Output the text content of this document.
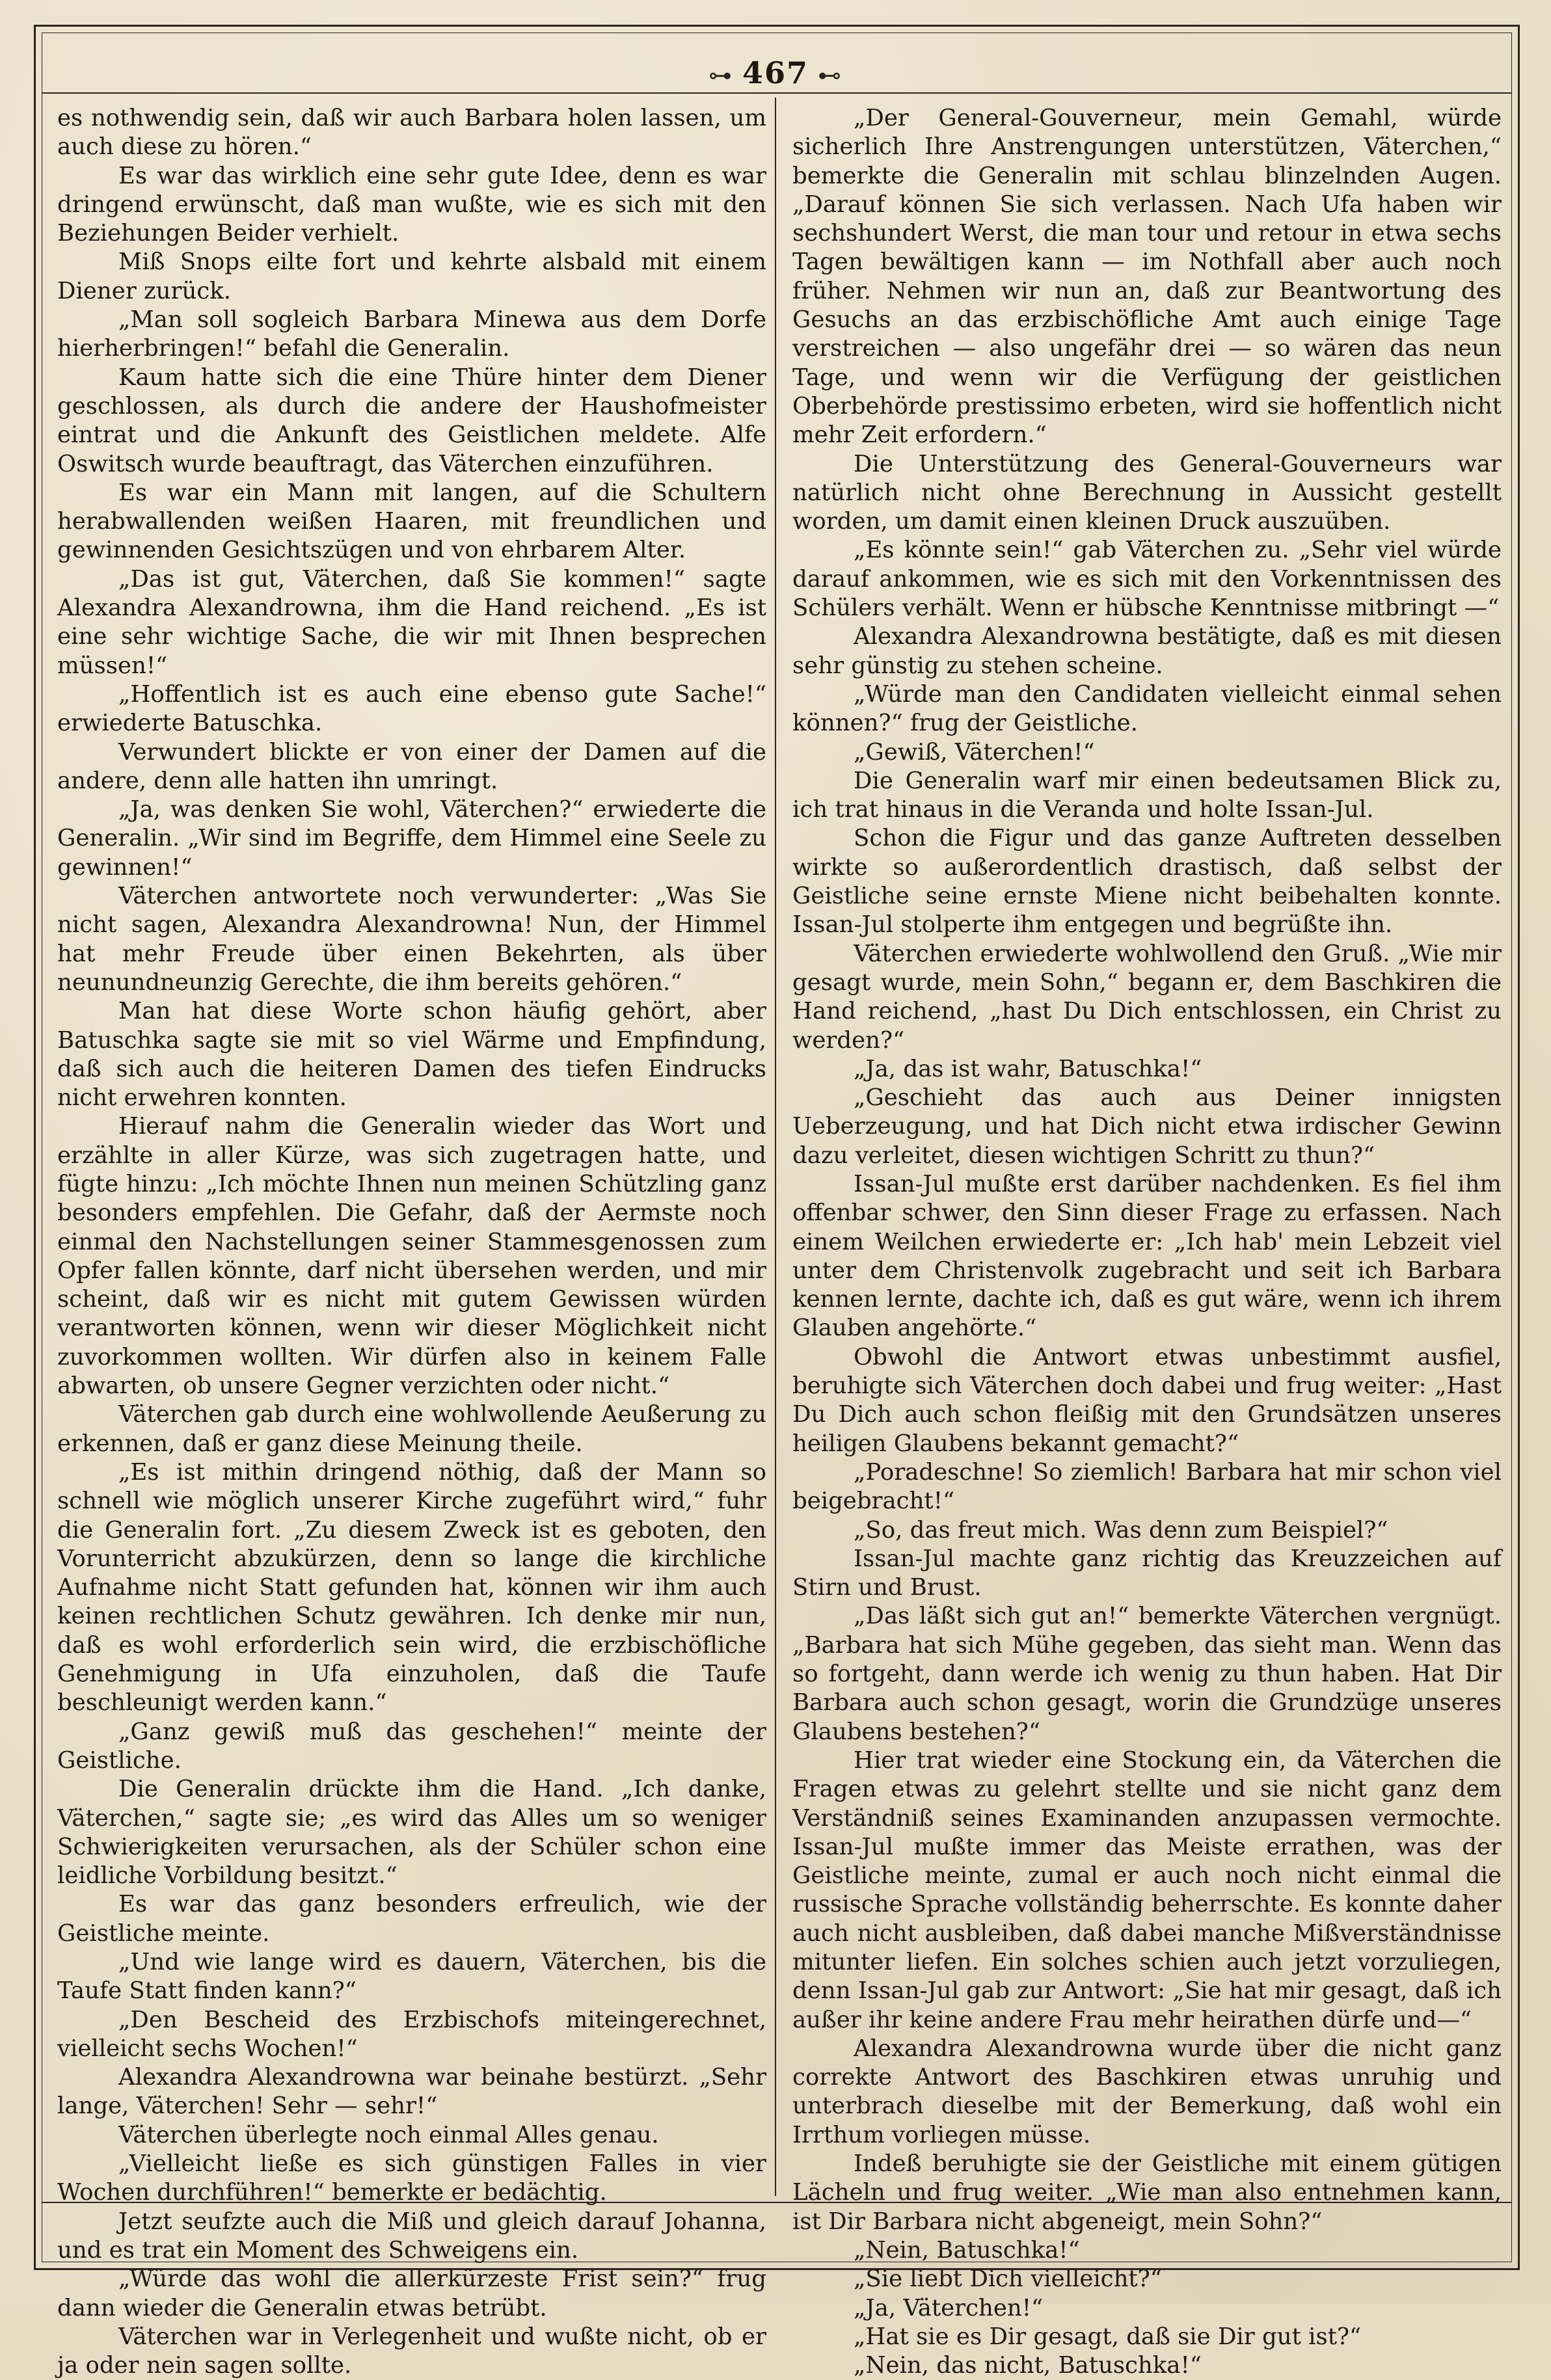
⊶ 467 ⊷

es nothwendig sein, daß wir auch Barbara holen lassen, um auch diese zu hören.“

Es war das wirklich eine sehr gute Idee, denn es war dringend erwünscht, daß man wußte, wie es sich mit den Beziehungen Beider verhielt.

Miß Snops eilte fort und kehrte alsbald mit einem Diener zurück.

„Man soll sogleich Barbara Minewa aus dem Dorfe hierherbringen!“ befahl die Generalin.

Kaum hatte sich die eine Thüre hinter dem Diener geschlossen, als durch die andere der Haushofmeister eintrat und die Ankunft des Geistlichen meldete. Alfe Oswitsch wurde beauftragt, das Väterchen einzuführen.

Es war ein Mann mit langen, auf die Schultern herabwallenden weißen Haaren, mit freundlichen und gewinnenden Gesichtszügen und von ehrbarem Alter.

„Das ist gut, Väterchen, daß Sie kommen!“ sagte Alexandra Alexandrowna, ihm die Hand reichend. „Es ist eine sehr wichtige Sache, die wir mit Ihnen besprechen müssen!“

„Hoffentlich ist es auch eine ebenso gute Sache!“ erwiederte Batuschka.

Verwundert blickte er von einer der Damen auf die andere, denn alle hatten ihn umringt.

„Ja, was denken Sie wohl, Väterchen?“ erwiederte die Generalin. „Wir sind im Begriffe, dem Himmel eine Seele zu gewinnen!“

Väterchen antwortete noch verwunderter: „Was Sie nicht sagen, Alexandra Alexandrowna! Nun, der Himmel hat mehr Freude über einen Bekehrten, als über neunundneunzig Gerechte, die ihm bereits gehören.“

Man hat diese Worte schon häufig gehört, aber Batuschka sagte sie mit so viel Wärme und Empfindung, daß sich auch die heiteren Damen des tiefen Eindrucks nicht erwehren konnten.

Hierauf nahm die Generalin wieder das Wort und erzählte in aller Kürze, was sich zugetragen hatte, und fügte hinzu: „Ich möchte Ihnen nun meinen Schützling ganz besonders empfehlen. Die Gefahr, daß der Aermste noch einmal den Nachstellungen seiner Stammesgenossen zum Opfer fallen könnte, darf nicht übersehen werden, und mir scheint, daß wir es nicht mit gutem Gewissen würden verantworten können, wenn wir dieser Möglichkeit nicht zuvorkommen wollten. Wir dürfen also in keinem Falle abwarten, ob unsere Gegner verzichten oder nicht.“

Väterchen gab durch eine wohlwollende Aeußerung zu erkennen, daß er ganz diese Meinung theile.

„Es ist mithin dringend nöthig, daß der Mann so schnell wie möglich unserer Kirche zugeführt wird,“ fuhr die Generalin fort. „Zu diesem Zweck ist es geboten, den Vorunterricht abzukürzen, denn so lange die kirchliche Aufnahme nicht Statt gefunden hat, können wir ihm auch keinen rechtlichen Schutz gewähren. Ich denke mir nun, daß es wohl erforderlich sein wird, die erzbischöfliche Genehmigung in Ufa einzuholen, daß die Taufe beschleunigt werden kann.“

„Ganz gewiß muß das geschehen!“ meinte der Geistliche.

Die Generalin drückte ihm die Hand. „Ich danke, Väterchen,“ sagte sie; „es wird das Alles um so weniger Schwierigkeiten verursachen, als der Schüler schon eine leidliche Vorbildung besitzt.“

Es war das ganz besonders erfreulich, wie der Geistliche meinte.

„Und wie lange wird es dauern, Väterchen, bis die Taufe Statt finden kann?“

„Den Bescheid des Erzbischofs miteingerechnet, vielleicht sechs Wochen!“

Alexandra Alexandrowna war beinahe bestürzt. „Sehr lange, Väterchen! Sehr — sehr!“

Väterchen überlegte noch einmal Alles genau.

„Vielleicht ließe es sich günstigen Falles in vier Wochen durchführen!“ bemerkte er bedächtig.

Jetzt seufzte auch die Miß und gleich darauf Johanna, und es trat ein Moment des Schweigens ein.

„Würde das wohl die allerkürzeste Frist sein?“ frug dann wieder die Generalin etwas betrübt.

Väterchen war in Verlegenheit und wußte nicht, ob er ja oder nein sagen sollte.

„Der General-Gouverneur, mein Gemahl, würde sicherlich Ihre Anstrengungen unterstützen, Väterchen,“ bemerkte die Generalin mit schlau blinzelnden Augen. „Darauf können Sie sich verlassen. Nach Ufa haben wir sechshundert Werst, die man tour und retour in etwa sechs Tagen bewältigen kann — im Nothfall aber auch noch früher. Nehmen wir nun an, daß zur Beantwortung des Gesuchs an das erzbischöfliche Amt auch einige Tage verstreichen — also ungefähr drei — so wären das neun Tage, und wenn wir die Verfügung der geistlichen Oberbehörde prestissimo erbeten, wird sie hoffentlich nicht mehr Zeit erfordern.“

Die Unterstützung des General-Gouverneurs war natürlich nicht ohne Berechnung in Aussicht gestellt worden, um damit einen kleinen Druck auszuüben.

„Es könnte sein!“ gab Väterchen zu. „Sehr viel würde darauf ankommen, wie es sich mit den Vorkenntnissen des Schülers verhält. Wenn er hübsche Kenntnisse mitbringt —“

Alexandra Alexandrowna bestätigte, daß es mit diesen sehr günstig zu stehen scheine.

„Würde man den Candidaten vielleicht einmal sehen können?“ frug der Geistliche.

„Gewiß, Väterchen!“

Die Generalin warf mir einen bedeutsamen Blick zu, ich trat hinaus in die Veranda und holte Issan-Jul.

Schon die Figur und das ganze Auftreten desselben wirkte so außerordentlich drastisch, daß selbst der Geistliche seine ernste Miene nicht beibehalten konnte. Issan-Jul stolperte ihm entgegen und begrüßte ihn.

Väterchen erwiederte wohlwollend den Gruß. „Wie mir gesagt wurde, mein Sohn,“ begann er, dem Baschkiren die Hand reichend, „hast Du Dich entschlossen, ein Christ zu werden?“

„Ja, das ist wahr, Batuschka!“

„Geschieht das auch aus Deiner innigsten Ueberzeugung, und hat Dich nicht etwa irdischer Gewinn dazu verleitet, diesen wichtigen Schritt zu thun?“

Issan-Jul mußte erst darüber nachdenken. Es fiel ihm offenbar schwer, den Sinn dieser Frage zu erfassen. Nach einem Weilchen erwiederte er: „Ich hab' mein Lebzeit viel unter dem Christenvolk zugebracht und seit ich Barbara kennen lernte, dachte ich, daß es gut wäre, wenn ich ihrem Glauben angehörte.“

Obwohl die Antwort etwas unbestimmt ausfiel, beruhigte sich Väterchen doch dabei und frug weiter: „Hast Du Dich auch schon fleißig mit den Grundsätzen unseres heiligen Glaubens bekannt gemacht?“

„Poradeschne! So ziemlich! Barbara hat mir schon viel beigebracht!“

„So, das freut mich. Was denn zum Beispiel?“

Issan-Jul machte ganz richtig das Kreuzzeichen auf Stirn und Brust.

„Das läßt sich gut an!“ bemerkte Väterchen vergnügt. „Barbara hat sich Mühe gegeben, das sieht man. Wenn das so fortgeht, dann werde ich wenig zu thun haben. Hat Dir Barbara auch schon gesagt, worin die Grundzüge unseres Glaubens bestehen?“

Hier trat wieder eine Stockung ein, da Väterchen die Fragen etwas zu gelehrt stellte und sie nicht ganz dem Verständniß seines Examinanden anzupassen vermochte. Issan-Jul mußte immer das Meiste errathen, was der Geistliche meinte, zumal er auch noch nicht einmal die russische Sprache vollständig beherrschte. Es konnte daher auch nicht ausbleiben, daß dabei manche Mißverständnisse mitunter liefen. Ein solches schien auch jetzt vorzuliegen, denn Issan-Jul gab zur Antwort: „Sie hat mir gesagt, daß ich außer ihr keine andere Frau mehr heirathen dürfe und—“

Alexandra Alexandrowna wurde über die nicht ganz correkte Antwort des Baschkiren etwas unruhig und unterbrach dieselbe mit der Bemerkung, daß wohl ein Irrthum vorliegen müsse.

Indeß beruhigte sie der Geistliche mit einem gütigen Lächeln und frug weiter. „Wie man also entnehmen kann, ist Dir Barbara nicht abgeneigt, mein Sohn?“

„Nein, Batuschka!“

„Sie liebt Dich vielleicht?“

„Ja, Väterchen!“

„Hat sie es Dir gesagt, daß sie Dir gut ist?“

„Nein, das nicht, Batuschka!“
